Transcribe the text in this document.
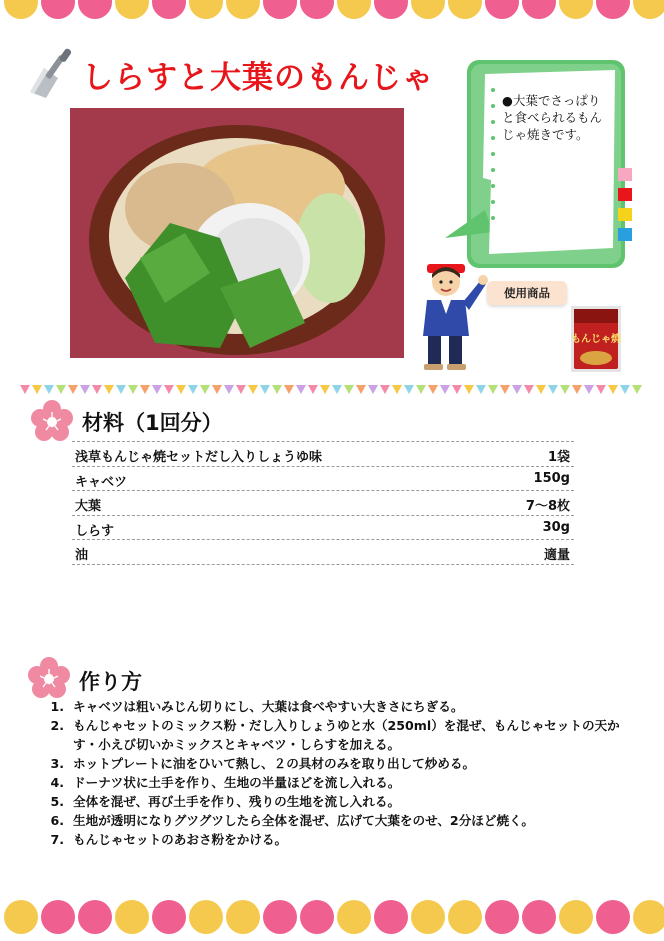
しらすと大葉のもんじゃ
●大葉でさっぱりと食べられるもんじゃ焼きです。
使用商品
もんじゃ焼
材料（1回分）
浅草もんじゃ焼セットだし入りしょうゆ味	1袋
キャベツ	150g
大葉	7〜8枚
しらす	30g
油	適量
作り方
1. キャベツは粗いみじん切りにし、大葉は食べやすい大きさにちぎる。
2. もんじゃセットのミックス粉・だし入りしょうゆと水（250ml）を混ぜ、もんじゃセットの天かす・小えび切いかミックスとキャベツ・しらすを加える。
3. ホットプレートに油をひいて熱し、２の具材のみを取り出して炒める。
4. ドーナツ状に土手を作り、生地の半量ほどを流し入れる。
5. 全体を混ぜ、再び土手を作り、残りの生地を流し入れる。
6. 生地が透明になりグツグツしたら全体を混ぜ、広げて大葉をのせ、2分ほど焼く。
7. もんじゃセットのあおさ粉をかける。
